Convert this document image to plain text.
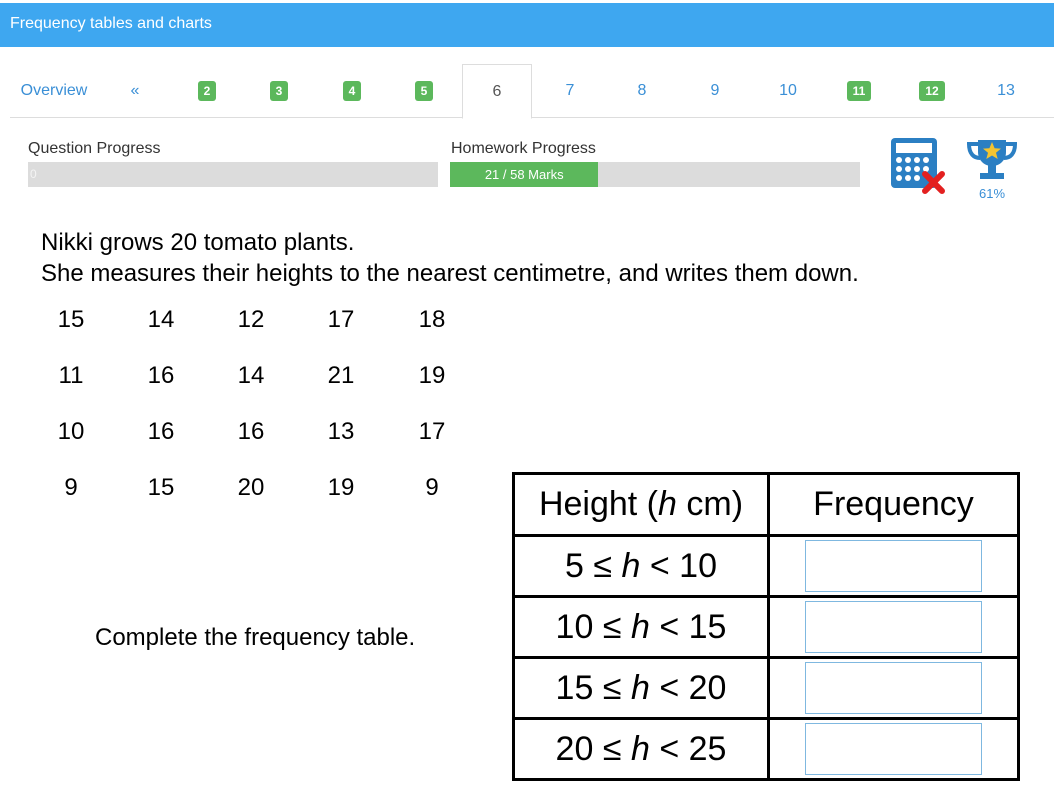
Frequency tables and charts
Overview	«	2	3	4	5	6	7	8	9	10	11	12	13
Question Progress
0
Homework Progress
21 / 58 Marks
61%
Nikki grows 20 tomato plants.
She measures their heights to the nearest centimetre, and writes them down.
15	14	12	17	18
11	16	14	21	19
10	16	16	13	17
9	15	20	19	9
Complete the frequency table.
Height (h cm)	Frequency
5 ≤ h < 10	
10 ≤ h < 15	
15 ≤ h < 20	
20 ≤ h < 25	
